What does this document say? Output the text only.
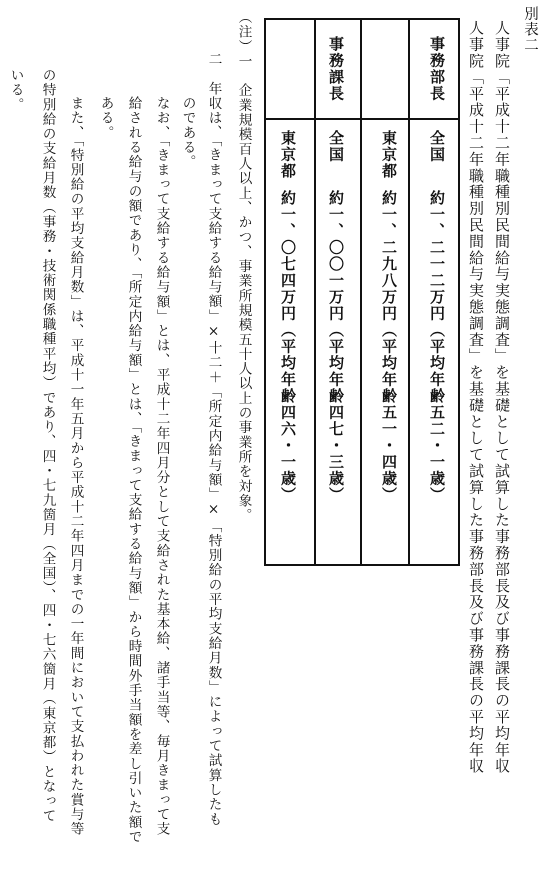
別表二
人事院「平成十二年職種別民間給与実態調査」を基礎として試算した事務部長及び事務課長の平均年収
人事院「平成十二年職種別民間給与実態調査」を基礎として試算した事務部長及び事務課長の平均年収
事務部長
全国
約一、二一二万円（平均年齢五二・一歳）
東京都
約一、二九八万円（平均年齢五一・四歳）
事務課長
全国
約一、〇〇一万円（平均年齢四七・三歳）
東京都
約一、〇七四万円（平均年齢四六・一歳）
（注）一　企業規模百人以上、かつ、事業所規模五十人以上の事業所を対象。
二　年収は、「きまって支給する給与額」×十二＋「所定内給与額」×「特別給の平均支給月数」によって試算したも
のである。
なお、「きまって支給する給与額」とは、平成十二年四月分として支給された基本給、諸手当等、毎月きまって支
給される給与の額であり、「所定内給与額」とは、「きまって支給する給与額」から時間外手当額を差し引いた額で
ある。
また、「特別給の平均支給月数」は、平成十一年五月から平成十二年四月までの一年間において支払われた賞与等
の特別給の支給月数（事務・技術関係職種平均）であり、四・七九箇月（全国）、四・七六箇月（東京都）となって
いる。
